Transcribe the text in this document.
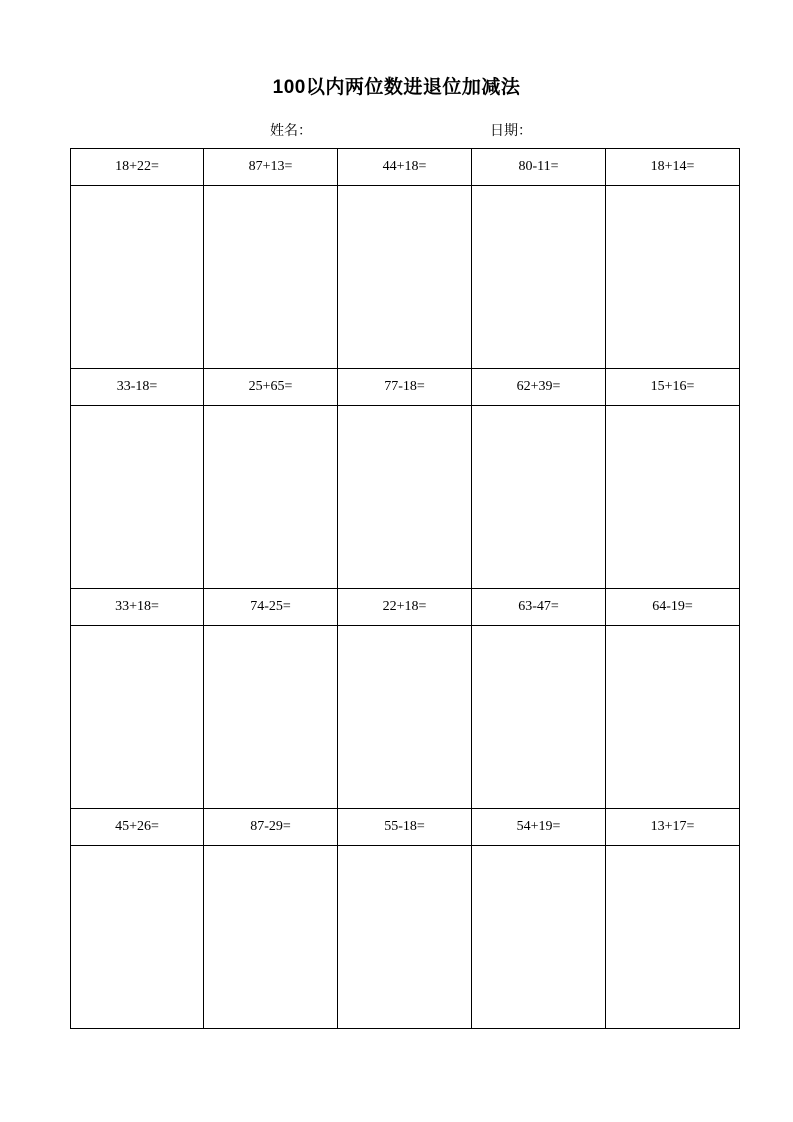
100以内两位数进退位加减法
姓名：	日期：
18+22=	87+13=	44+18=	80-11=	18+14=

33-18=	25+65=	77-18=	62+39=	15+16=

33+18=	74-25=	22+18=	63-47=	64-19=

45+26=	87-29=	55-18=	54+19=	13+17=
